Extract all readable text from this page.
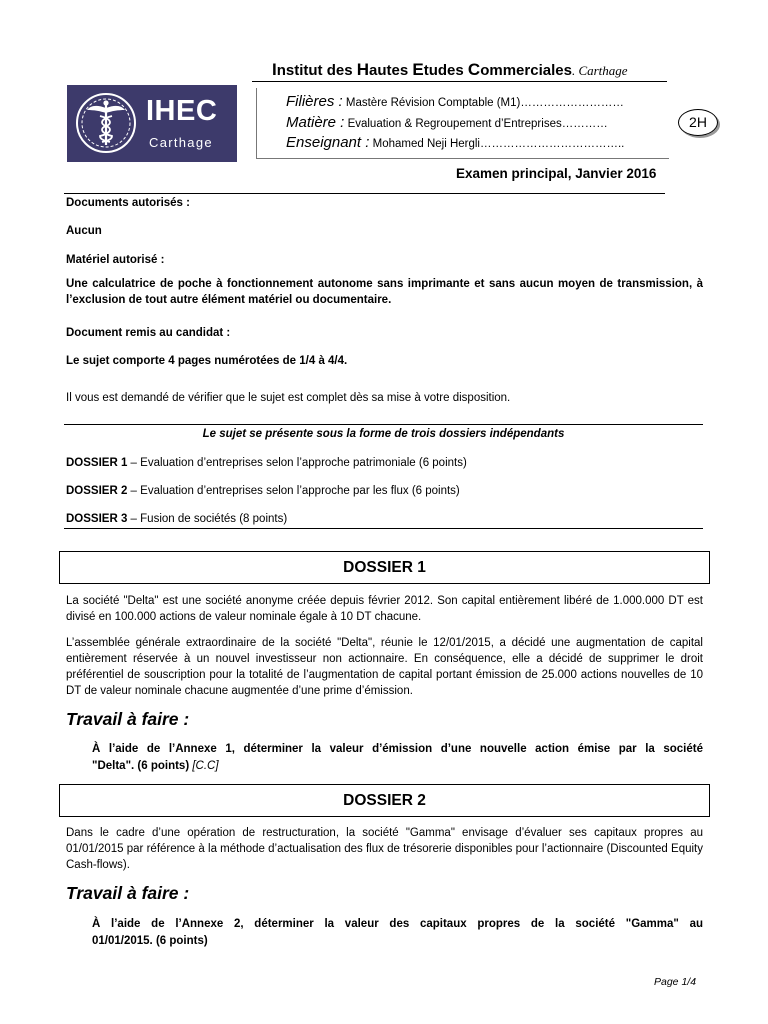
Institut des Hautes Etudes Commerciales. Carthage
IHEC
Carthage
Filières : Mastère Révision Comptable (M1)………………………
Matière : Evaluation & Regroupement d’Entreprises…………
Enseignant : Mohamed Neji Hergli………………………………..
2H
Examen principal, Janvier 2016
Documents autorisés :
Aucun
Matériel autorisé :
Une calculatrice de poche à fonctionnement autonome sans imprimante et sans aucun moyen de transmission, à l’exclusion de tout autre élément matériel ou documentaire.
Document remis au candidat :
Le sujet comporte 4 pages numérotées de 1/4 à 4/4.
Il vous est demandé de vérifier que le sujet est complet dès sa mise à votre disposition.
Le sujet se présente sous la forme de trois dossiers indépendants
DOSSIER 1 – Evaluation d’entreprises selon l’approche patrimoniale (6 points)
DOSSIER 2 – Evaluation d’entreprises selon l’approche par les flux (6 points)
DOSSIER 3 – Fusion de sociétés (8 points)
DOSSIER 1
La société "Delta" est une société anonyme créée depuis février 2012. Son capital entièrement libéré de 1.000.000 DT est divisé en 100.000 actions de valeur nominale égale à 10 DT chacune.
L’assemblée générale extraordinaire de la société "Delta", réunie le 12/01/2015, a décidé une augmentation de capital entièrement réservée à un nouvel investisseur non actionnaire. En conséquence, elle a décidé de supprimer le droit préférentiel de souscription pour la totalité de l’augmentation de capital portant émission de 25.000 actions nouvelles de 10 DT de valeur nominale chacune augmentée d’une prime d’émission.
Travail à faire :
À l’aide de l’Annexe 1, déterminer la valeur d’émission d’une nouvelle action émise par la société
"Delta". (6 points) [C.C]
DOSSIER 2
Dans le cadre d’une opération de restructuration, la société "Gamma" envisage d’évaluer ses capitaux propres au 01/01/2015 par référence à la méthode d’actualisation des flux de trésorerie disponibles pour l’actionnaire (Discounted Equity Cash-flows).
Travail à faire :
À l’aide de l’Annexe 2, déterminer la valeur des capitaux propres de la société "Gamma" au
01/01/2015. (6 points)
Page 1/4
